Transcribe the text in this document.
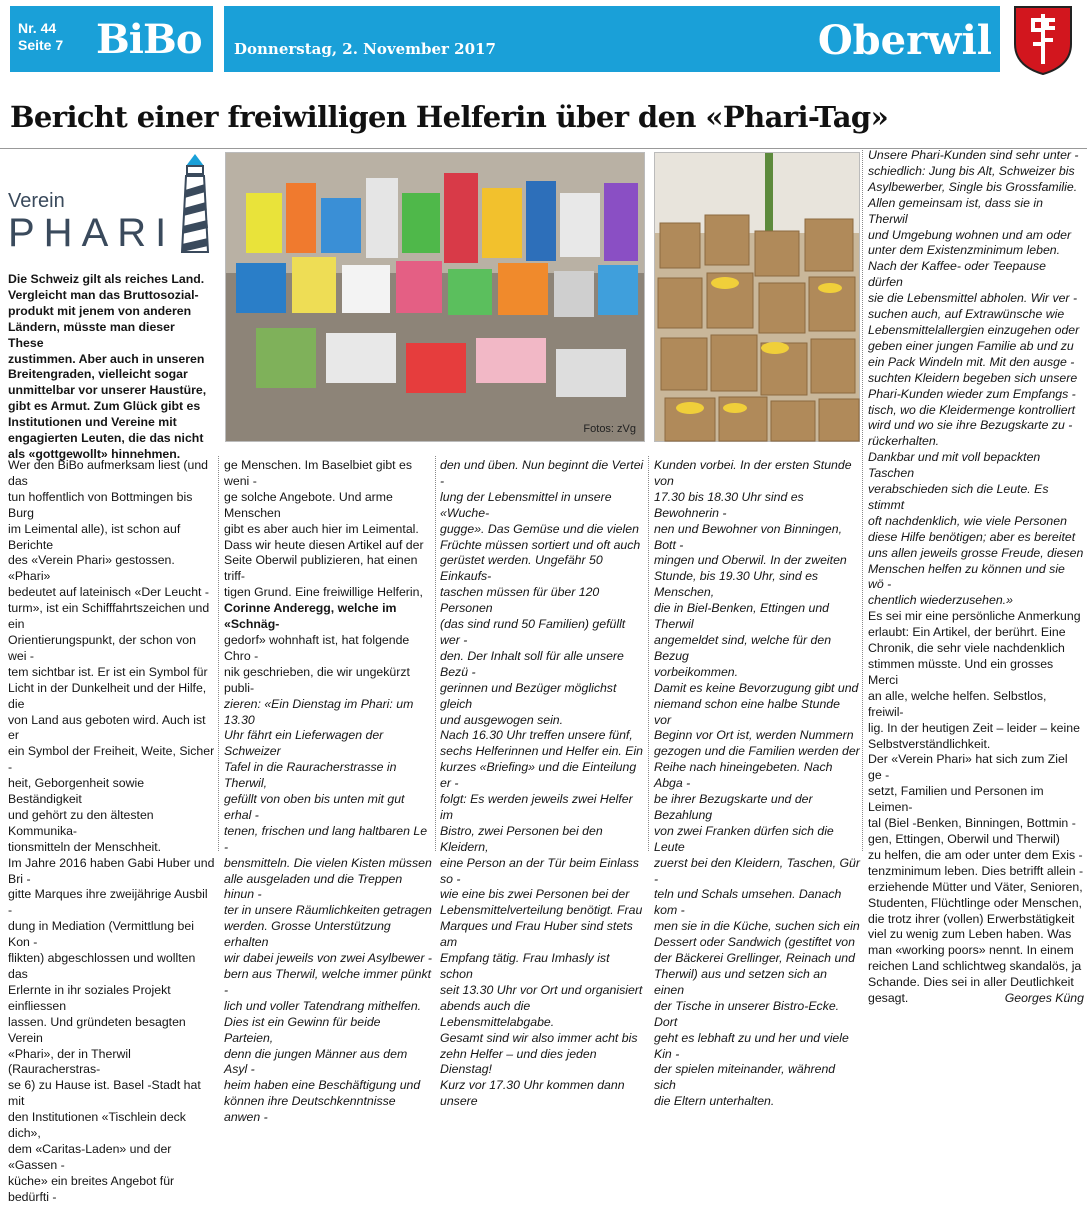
Nr. 44
Seite 7 BiBo Donnerstag, 2. November 2017	Oberwil
Bericht einer freiwilligen Helferin über den «Phari-Tag»
Verein
PHARI
Fotos: zVg

Die Schweiz gilt als reiches Land.

Vergleicht man das Bruttosozial-

produkt mit jenem von anderen

Ländern, müsste man dieser These

zustimmen. Aber auch in unseren

Breitengraden, vielleicht sogar

unmittelbar vor unserer Haustüre,

gibt es Armut. Zum Glück gibt es

Institutionen und Vereine mit

engagierten Leuten, die das nicht

als «gottgewollt» hinnehmen.

Wer den BiBo aufmerksam liest (und das

tun hoffentlich von Bottmingen bis Burg

im Leimental alle), ist schon auf Berichte

des «Verein Phari» gestossen. «Phari»

bedeutet auf lateinisch «Der Leucht -

turm», ist ein Schifffahrtszeichen und ein

Orientierungspunkt, der schon von wei -

tem sichtbar ist. Er ist ein Symbol für

Licht in der Dunkelheit und der Hilfe, die

von Land aus geboten wird. Auch ist er

ein Symbol der Freiheit, Weite, Sicher -

heit, Geborgenheit sowie Beständigkeit

und gehört zu den ältesten Kommunika-

tionsmitteln der Menschheit.

Im Jahre 2016 haben Gabi Huber und Bri -

gitte Marques ihre zweijährige Ausbil -

dung in Mediation (Vermittlung bei Kon -

flikten) abgeschlossen und wollten das

Erlernte in ihr soziales Projekt einfliessen

lassen. Und gründeten besagten Verein

«Phari», der in Therwil (Rauracherstras-

se 6) zu Hause ist. Basel -Stadt hat mit

den Institutionen «Tischlein deck dich»,

dem «Caritas-Laden» und der «Gassen -

küche» ein breites Angebot für bedürfti -

ge Menschen. Im Baselbiet gibt es weni -

ge solche Angebote. Und arme Menschen

gibt es aber auch hier im Leimental.

Dass wir heute diesen Artikel auf der

Seite Oberwil publizieren, hat einen triff-

tigen Grund. Eine freiwillige Helferin,

Corinne Anderegg, welche im «Schnäg-

gedorf» wohnhaft ist, hat folgende Chro -

nik geschrieben, die wir ungekürzt publi-

zieren: «Ein Dienstag im Phari: um 13.30

Uhr fährt ein Lieferwagen der Schweizer

Tafel in die Rauracherstrasse in Therwil,

gefüllt von oben bis unten mit gut erhal -

tenen, frischen und lang haltbaren Le -

bensmitteln. Die vielen Kisten müssen

alle ausgeladen und die Treppen hinun -

ter in unsere Räumlichkeiten getragen

werden. Grosse Unterstützung erhalten

wir dabei jeweils von zwei Asylbewer -

bern aus Therwil, welche immer pünkt -

lich und voller Tatendrang mithelfen.

Dies ist ein Gewinn für beide Parteien,

denn die jungen Männer aus dem Asyl -

heim haben eine Beschäftigung und

können ihre Deutschkenntnisse anwen -

den und üben. Nun beginnt die Vertei -

lung der Lebensmittel in unsere «Wuche-

gugge». Das Gemüse und die vielen

Früchte müssen sortiert und oft auch

gerüstet werden. Ungefähr 50 Einkaufs-

taschen müssen für über 120 Personen

(das sind rund 50 Familien) gefüllt wer -

den. Der Inhalt soll für alle unsere Bezü -

gerinnen und Bezüger möglichst gleich

und ausgewogen sein.

Nach 16.30 Uhr treffen unsere fünf,

sechs Helferinnen und Helfer ein. Ein

kurzes «Briefing» und die Einteilung er -

folgt: Es werden jeweils zwei Helfer im

Bistro, zwei Personen bei den Kleidern,

eine Person an der Tür beim Einlass so -

wie eine bis zwei Personen bei der

Lebensmittelverteilung benötigt. Frau

Marques und Frau Huber sind stets am

Empfang tätig. Frau Imhasly ist schon

seit 13.30 Uhr vor Ort und organisiert

abends auch die Lebensmittelabgabe.

Gesamt sind wir also immer acht bis

zehn Helfer – und dies jeden Dienstag!

Kurz vor 17.30 Uhr kommen dann unsere

Kunden vorbei. In der ersten Stunde von

17.30 bis 18.30 Uhr sind es Bewohnerin -

nen und Bewohner von Binningen, Bott -

mingen und Oberwil. In der zweiten

Stunde, bis 19.30 Uhr, sind es Menschen,

die in Biel-Benken, Ettingen und Therwil

angemeldet sind, welche für den Bezug

vorbeikommen.

Damit es keine Bevorzugung gibt und

niemand schon eine halbe Stunde vor

Beginn vor Ort ist, werden Nummern

gezogen und die Familien werden der

Reihe nach hineingebeten. Nach Abga -

be ihrer Bezugskarte und der Bezahlung

von zwei Franken dürfen sich die Leute

zuerst bei den Kleidern, Taschen, Gür -

teln und Schals umsehen. Danach kom -

men sie in die Küche, suchen sich ein

Dessert oder Sandwich (gestiftet von

der Bäckerei Grellinger, Reinach und

Therwil) aus und setzen sich an einen

der Tische in unserer Bistro-Ecke. Dort

geht es lebhaft zu und her und viele Kin -

der spielen miteinander, während sich

die Eltern unterhalten.

Unsere Phari-Kunden sind sehr unter -

schiedlich: Jung bis Alt, Schweizer bis

Asylbewerber, Single bis Grossfamilie.

Allen gemeinsam ist, dass sie in Therwil

und Umgebung wohnen und am oder

unter dem Existenzminimum leben.

Nach der Kaffee- oder Teepause dürfen

sie die Lebensmittel abholen. Wir ver -

suchen auch, auf Extrawünsche wie

Lebensmittelallergien einzugehen oder

geben einer jungen Familie ab und zu

ein Pack Windeln mit. Mit den ausge -

suchten Kleidern begeben sich unsere

Phari-Kunden wieder zum Empfangs -

tisch, wo die Kleidermenge kontrolliert

wird und wo sie ihre Bezugskarte zu -

rückerhalten.

Dankbar und mit voll bepackten Taschen

verabschieden sich die Leute. Es stimmt

oft nachdenklich, wie viele Personen

diese Hilfe benötigen; aber es bereitet

uns allen jeweils grosse Freude, diesen

Menschen helfen zu können und sie wö -

chentlich wiederzusehen.»

Es sei mir eine persönliche Anmerkung

erlaubt: Ein Artikel, der berührt. Eine

Chronik, die sehr viele nachdenklich

stimmen müsste. Und ein grosses Merci

an alle, welche helfen. Selbstlos, freiwil-

lig. In der heutigen Zeit – leider – keine

Selbstverständlichkeit.

Der «Verein Phari» hat sich zum Ziel ge -

setzt, Familien und Personen im Leimen-

tal (Biel -Benken, Binningen, Bottmin -

gen, Ettingen, Oberwil und Therwil)

zu helfen, die am oder unter dem Exis -

tenzminimum leben. Dies betrifft allein -

erziehende Mütter und Väter, Senioren,

Studenten, Flüchtlinge oder Menschen,

die trotz ihrer (vollen) Erwerbstätigkeit

viel zu wenig zum Leben haben. Was

man «working poors» nennt. In einem

reichen Land schlichtweg skandalös, ja

Schande. Dies sei in aller Deutlichkeit

gesagt.	Georges Küng
